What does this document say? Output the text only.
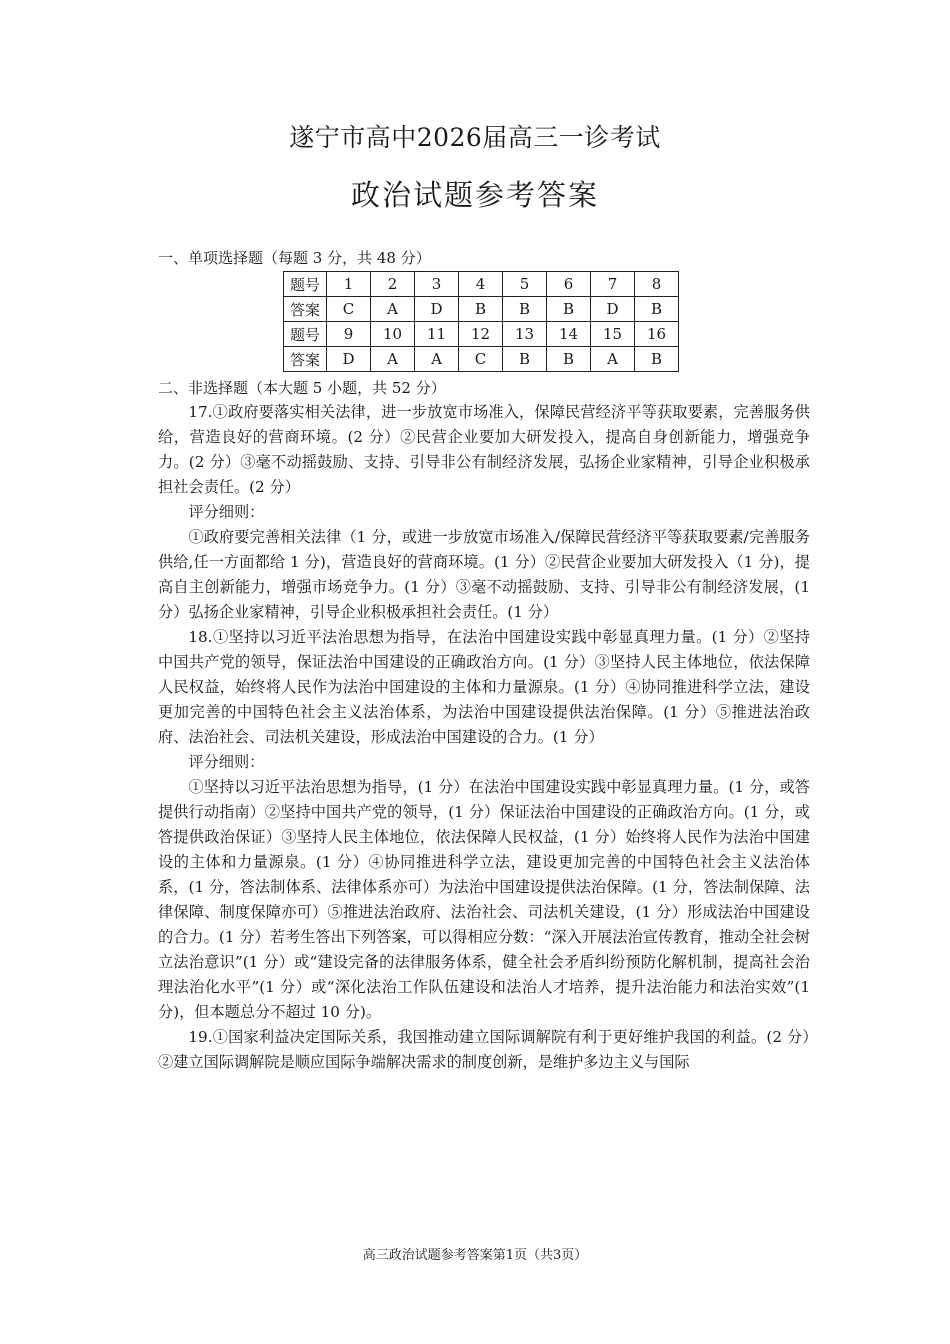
遂宁市高中2026届高三一诊考试
政治试题参考答案
一、单项选择题（每题 3 分，共 48 分）
题号	1	2	3	4	5	6	7	8
答案	C	A	D	B	B	B	D	B
题号	9	10	11	12	13	14	15	16
答案	D	A	A	C	B	B	A	B
二、非选择题（本大题 5 小题，共 52 分）

17.①政府要落实相关法律，进一步放宽市场准入，保障民营经济平等获取要素，完善服务供给，营造良好的营商环境。(2 分）②民营企业要加大研发投入，提高自身创新能力，增强竞争力。(2 分）③毫不动摇鼓励、支持、引导非公有制经济发展，弘扬企业家精神，引导企业积极承担社会责任。(2 分）

评分细则：

①政府要完善相关法律（1 分，或进一步放宽市场准入/保障民营经济平等获取要素/完善服务供给,任一方面都给 1 分)，营造良好的营商环境。(1 分）②民营企业要加大研发投入（1 分)，提高自主创新能力，增强市场竞争力。(1 分）③毫不动摇鼓励、支持、引导非公有制经济发展，(1 分）弘扬企业家精神，引导企业积极承担社会责任。(1 分）

18.①坚持以习近平法治思想为指导，在法治中国建设实践中彰显真理力量。(1 分）②坚持中国共产党的领导，保证法治中国建设的正确政治方向。(1 分）③坚持人民主体地位，依法保障人民权益，始终将人民作为法治中国建设的主体和力量源泉。(1 分）④协同推进科学立法，建设更加完善的中国特色社会主义法治体系，为法治中国建设提供法治保障。(1 分）⑤推进法治政府、法治社会、司法机关建设，形成法治中国建设的合力。(1 分）

评分细则：

①坚持以习近平法治思想为指导，(1 分）在法治中国建设实践中彰显真理力量。(1 分，或答提供行动指南）②坚持中国共产党的领导，(1 分）保证法治中国建设的正确政治方向。(1 分，或答提供政治保证）③坚持人民主体地位，依法保障人民权益，(1 分）始终将人民作为法治中国建设的主体和力量源泉。(1 分）④协同推进科学立法，建设更加完善的中国特色社会主义法治体系，(1 分，答法制体系、法律体系亦可）为法治中国建设提供法治保障。(1 分，答法制保障、法律保障、制度保障亦可）⑤推进法治政府、法治社会、司法机关建设，(1 分）形成法治中国建设的合力。(1 分）若考生答出下列答案，可以得相应分数：“深入开展法治宣传教育，推动全社会树立法治意识”(1 分）或“建设完备的法律服务体系，健全社会矛盾纠纷预防化解机制，提高社会治理法治化水平”(1 分）或“深化法治工作队伍建设和法治人才培养，提升法治能力和法治实效”(1 分)，但本题总分不超过 10 分)。

19.①国家利益决定国际关系，我国推动建立国际调解院有利于更好维护我国的利益。(2 分）②建立国际调解院是顺应国际争端解决需求的制度创新，是维护多边主义与国际

高三政治试题参考答案第1页（共3页）
